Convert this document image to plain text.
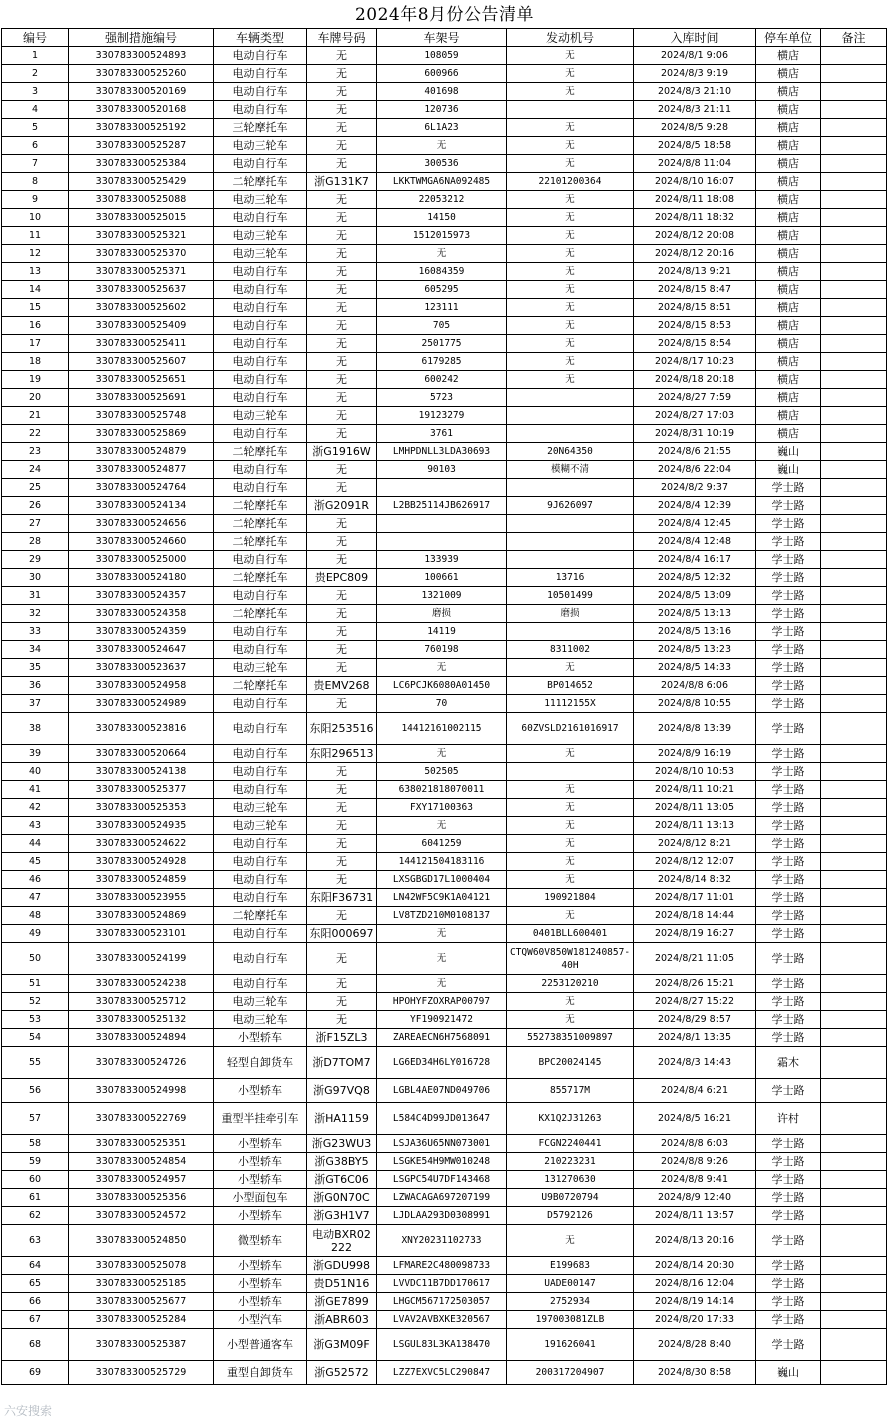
2024年8月份公告清单
编号	强制措施编号	车辆类型	车牌号码	车架号	发动机号	入库时间	停车单位	备注
1	330783300524893	电动自行车	无	108059	无	2024/8/1 9:06	横店	
2	330783300525260	电动自行车	无	600966	无	2024/8/3 9:19	横店	
3	330783300520169	电动自行车	无	401698	无	2024/8/3 21:10	横店	
4	330783300520168	电动自行车	无	120736		2024/8/3 21:11	横店	
5	330783300525192	三轮摩托车	无	6L1A23	无	2024/8/5 9:28	横店	
6	330783300525287	电动三轮车	无	无	无	2024/8/5 18:58	横店	
7	330783300525384	电动自行车	无	300536	无	2024/8/8 11:04	横店	
8	330783300525429	二轮摩托车	浙G131K7	LKKTWMGA6NA092485	22101200364	2024/8/10 16:07	横店	
9	330783300525088	电动三轮车	无	22053212	无	2024/8/11 18:08	横店	
10	330783300525015	电动自行车	无	14150	无	2024/8/11 18:32	横店	
11	330783300525321	电动三轮车	无	1512015973	无	2024/8/12 20:08	横店	
12	330783300525370	电动三轮车	无	无	无	2024/8/12 20:16	横店	
13	330783300525371	电动自行车	无	16084359	无	2024/8/13 9:21	横店	
14	330783300525637	电动自行车	无	605295	无	2024/8/15 8:47	横店	
15	330783300525602	电动自行车	无	123111	无	2024/8/15 8:51	横店	
16	330783300525409	电动自行车	无	705	无	2024/8/15 8:53	横店	
17	330783300525411	电动自行车	无	2501775	无	2024/8/15 8:54	横店	
18	330783300525607	电动自行车	无	6179285	无	2024/8/17 10:23	横店	
19	330783300525651	电动自行车	无	600242	无	2024/8/18 20:18	横店	
20	330783300525691	电动自行车	无	5723		2024/8/27 7:59	横店	
21	330783300525748	电动三轮车	无	19123279		2024/8/27 17:03	横店	
22	330783300525869	电动自行车	无	3761		2024/8/31 10:19	横店	
23	330783300524879	二轮摩托车	浙G1916W	LMHPDNLL3LDA30693	20N64350	2024/8/6 21:55	巍山	
24	330783300524877	电动自行车	无	90103	模糊不清	2024/8/6 22:04	巍山	
25	330783300524764	电动自行车	无			2024/8/2 9:37	学士路	
26	330783300524134	二轮摩托车	浙G2091R	L2BB25114JB626917	9J626097	2024/8/4 12:39	学士路	
27	330783300524656	二轮摩托车	无			2024/8/4 12:45	学士路	
28	330783300524660	二轮摩托车	无			2024/8/4 12:48	学士路	
29	330783300525000	电动自行车	无	133939		2024/8/4 16:17	学士路	
30	330783300524180	二轮摩托车	贵EPC809	100661	13716	2024/8/5 12:32	学士路	
31	330783300524357	电动自行车	无	1321009	10501499	2024/8/5 13:09	学士路	
32	330783300524358	二轮摩托车	无	磨损	磨损	2024/8/5 13:13	学士路	
33	330783300524359	电动自行车	无	14119		2024/8/5 13:16	学士路	
34	330783300524647	电动自行车	无	760198	8311002	2024/8/5 13:23	学士路	
35	330783300523637	电动三轮车	无	无	无	2024/8/5 14:33	学士路	
36	330783300524958	二轮摩托车	贵EMV268	LC6PCJK6080A01450	BP014652	2024/8/8 6:06	学士路	
37	330783300524989	电动自行车	无	70	11112155X	2024/8/8 10:55	学士路	
38	330783300523816	电动自行车	东阳253516	14412161002115	60ZVSLD2161016917	2024/8/8 13:39	学士路	
39	330783300520664	电动自行车	东阳296513	无	无	2024/8/9 16:19	学士路	
40	330783300524138	电动自行车	无	502505		2024/8/10 10:53	学士路	
41	330783300525377	电动自行车	无	638021818070011	无	2024/8/11 10:21	学士路	
42	330783300525353	电动三轮车	无	FXY17100363	无	2024/8/11 13:05	学士路	
43	330783300524935	电动三轮车	无	无	无	2024/8/11 13:13	学士路	
44	330783300524622	电动自行车	无	6041259	无	2024/8/12 8:21	学士路	
45	330783300524928	电动自行车	无	144121504183116	无	2024/8/12 12:07	学士路	
46	330783300524859	电动自行车	无	LXSGBGD17L1000404	无	2024/8/14 8:32	学士路	
47	330783300523955	电动自行车	东阳F36731	LN42WF5C9K1A04121	190921804	2024/8/17 11:01	学士路	
48	330783300524869	二轮摩托车	无	LV8TZD210M0108137	无	2024/8/18 14:44	学士路	
49	330783300523101	电动自行车	东阳000697	无	0401BLL600401	2024/8/19 16:27	学士路	
50	330783300524199	电动自行车	无	无	CTQW60V850W181240857-40H	2024/8/21 11:05	学士路	
51	330783300524238	电动自行车	无	无	2253120210	2024/8/26 15:21	学士路	
52	330783300525712	电动三轮车	无	HPOHYFZOXRAP00797	无	2024/8/27 15:22	学士路	
53	330783300525132	电动三轮车	无	YF190921472	无	2024/8/29 8:57	学士路	
54	330783300524894	小型轿车	浙F15ZL3	ZAREAECN6H7568091	552738351009897	2024/8/1 13:35	学士路	
55	330783300524726	轻型自卸货车	浙D7TOM7	LG6ED34H6LY016728	BPC20024145	2024/8/3 14:43	霜木	
56	330783300524998	小型轿车	浙G97VQ8	LGBL4AE07ND049706	855717M	2024/8/4 6:21	学士路	
57	330783300522769	重型半挂牵引车	浙HA1159	L584C4D99JD013647	KX1Q2J31263	2024/8/5 16:21	许村	
58	330783300525351	小型轿车	浙G23WU3	LSJA36U65NN073001	FCGN2240441	2024/8/8 6:03	学士路	
59	330783300524854	小型轿车	浙G38BY5	LSGKE54H9MW010248	210223231	2024/8/8 9:26	学士路	
60	330783300524957	小型轿车	浙GT6C06	LSGPC54U7DF143468	131270630	2024/8/8 9:41	学士路	
61	330783300525356	小型面包车	浙G0N70C	LZWACAGA697207199	U9B0720794	2024/8/9 12:40	学士路	
62	330783300524572	小型轿车	浙G3H1V7	LJDLAA293D0308991	D5792126	2024/8/11 13:57	学士路	
63	330783300524850	微型轿车	电动BXR02222	XNY20231102733	无	2024/8/13 20:16	学士路	
64	330783300525078	小型轿车	浙GDU998	LFMARE2C480098733	E199683	2024/8/14 20:30	学士路	
65	330783300525185	小型轿车	贵D51N16	LVVDC11B7DD170617	UADE00147	2024/8/16 12:04	学士路	
66	330783300525677	小型轿车	浙GE7899	LHGCM567172503057	2752934	2024/8/19 14:14	学士路	
67	330783300525284	小型汽车	浙ABR603	LVAV2AVBXKE320567	197003081ZLB	2024/8/20 17:33	学士路	
68	330783300525387	小型普通客车	浙G3M09F	LSGUL83L3KA138470	191626041	2024/8/28 8:40	学士路	
69	330783300525729	重型自卸货车	浙G52572	LZZ7EXVC5LC290847	200317204907	2024/8/30 8:58	巍山	
六安搜索
